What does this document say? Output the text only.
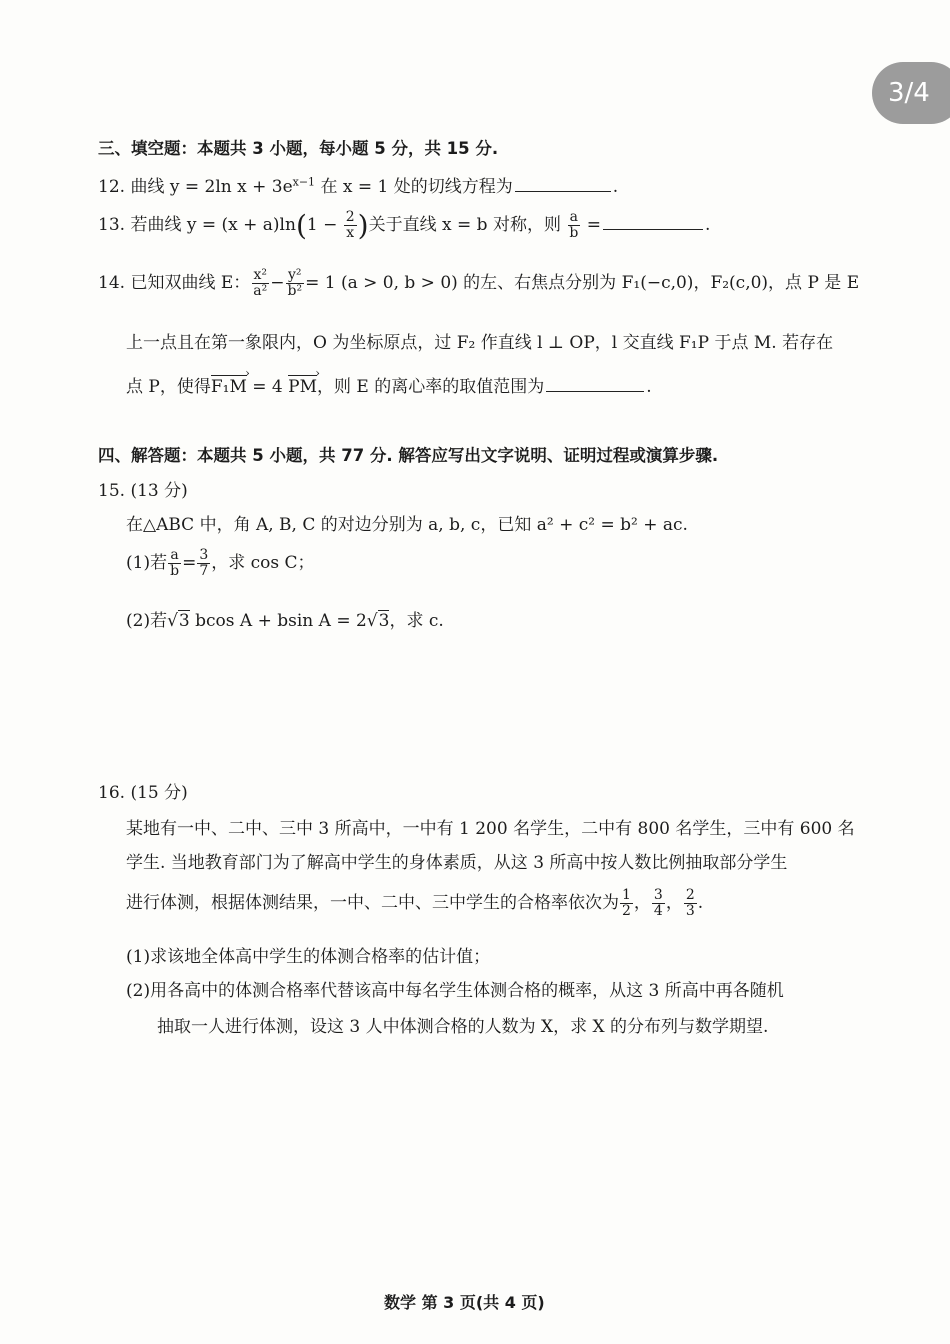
3/4
三、填空题：本题共 3 小题，每小题 5 分，共 15 分.
12. 曲线 y = 2ln $x + 3e^{x-1}$ 在 x = 1 处的切线方程为	.
13. 若曲线 $y = (x + a)\ln(1 - \frac{2}{x}$ )关于直线 x = b 对称，则 $\frac{a}{b}$ =	.
14. 已知双曲线 E： $\frac{\text{x²}}{\text{a²}} - \frac{\text{y²}}{\text{b²}} = 1$ (a > 0, b > 0) 的左、右焦点分别为 F₁(−c,0)，F₂(c,0)，点 P 是 E
上一点且在第一象限内，O 为坐标原点，过 F₂ 作直线 l ⊥ OP，l 交直线 F₁P 于点 M. 若存在
点 P，使得F₁M › = 4 PM ›，则 E 的离心率的取值范围为	.
四、解答题：本题共 5 小题，共 77 分. 解答应写出文字说明、证明过程或演算步骤.
15. (13 分)
在△ABC 中，角 A, B, C 的对边分别为 a, b, c，已知 a² + c² = b² + ac.
(1)若 $\frac{a}{b} = \frac{3}{7}$ ，求 cos C；
(2)若√3 bcos A + bsin A = 2√3，求 c.
16. (15 分)
某地有一中、二中、三中 3 所高中，一中有 1 200 名学生，二中有 800 名学生，三中有 600 名
学生. 当地教育部门为了解高中学生的身体素质，从这 3 所高中按人数比例抽取部分学生
进行体测，根据体测结果，一中、二中、三中学生的合格率依次为 $\frac{1}{2}$ ， $\frac{3}{4}$ ， $\frac{2}{3}$ .
(1)求该地全体高中学生的体测合格率的估计值；
(2)用各高中的体测合格率代替该高中每名学生体测合格的概率，从这 3 所高中再各随机
抽取一人进行体测，设这 3 人中体测合格的人数为 X，求 X 的分布列与数学期望.
数学 第 3 页(共 4 页)
